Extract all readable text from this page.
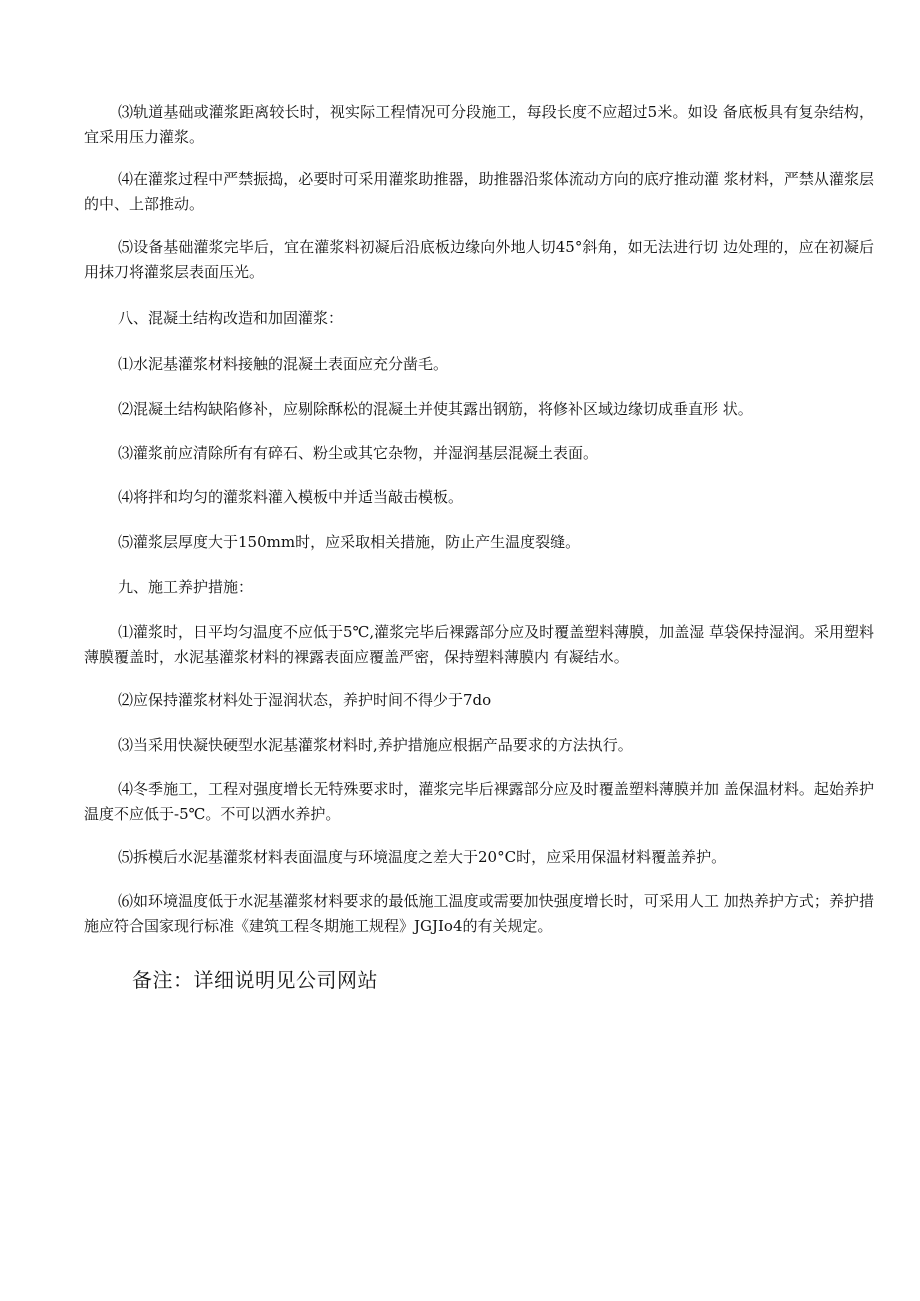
⑶轨道基础或灌浆距离较长时，视实际工程情况可分段施工，每段长度不应超过5米。如设 备底板具有复杂结构，宜采用压力灌浆。

⑷在灌浆过程中严禁振捣，必要时可采用灌浆助推器，助推器沿浆体流动方向的底疗推动灌 浆材料，严禁从灌浆层的中、上部推动。

⑸设备基础灌浆完毕后，宜在灌浆料初凝后沿底板边缘向外地人切45°斜角，如无法进行切 边处理的，应在初凝后用抹刀将灌浆层表面压光。

八、混凝土结构改造和加固灌浆：

⑴水泥基灌浆材料接触的混凝土表面应充分凿毛。

⑵混凝土结构缺陷修补，应剔除酥松的混凝土并使其露出钢筋，将修补区域边缘切成垂直形 状。

⑶灌浆前应清除所有有碎石、粉尘或其它杂物，并湿润基层混凝土表面。

⑷将拌和均匀的灌浆料灌入模板中并适当敲击模板。

⑸灌浆层厚度大于150mm时，应采取相关措施，防止产生温度裂缝。

九、施工养护措施：

⑴灌浆时，日平均匀温度不应低于5℃,灌浆完毕后裸露部分应及时覆盖塑料薄膜，加盖湿 草袋保持湿润。采用塑料薄膜覆盖时，水泥基灌浆材料的裸露表面应覆盖严密，保持塑料薄膜内 有凝结水。

⑵应保持灌浆材料处于湿润状态，养护时间不得少于7do

⑶当采用快凝快硬型水泥基灌浆材料时,养护措施应根据产品要求的方法执行。

⑷冬季施工，工程对强度增长无特殊要求时，灌浆完毕后裸露部分应及时覆盖塑料薄膜并加 盖保温材料。起始养护温度不应低于-5℃。不可以洒水养护。

⑸拆模后水泥基灌浆材料表面温度与环境温度之差大于20°C时，应采用保温材料覆盖养护。

⑹如环境温度低于水泥基灌浆材料要求的最低施工温度或需要加快强度增长时，可采用人工 加热养护方式；养护措施应符合国家现行标准《建筑工程冬期施工规程》JGJIo4的有关规定。

备注：详细说明见公司网站
